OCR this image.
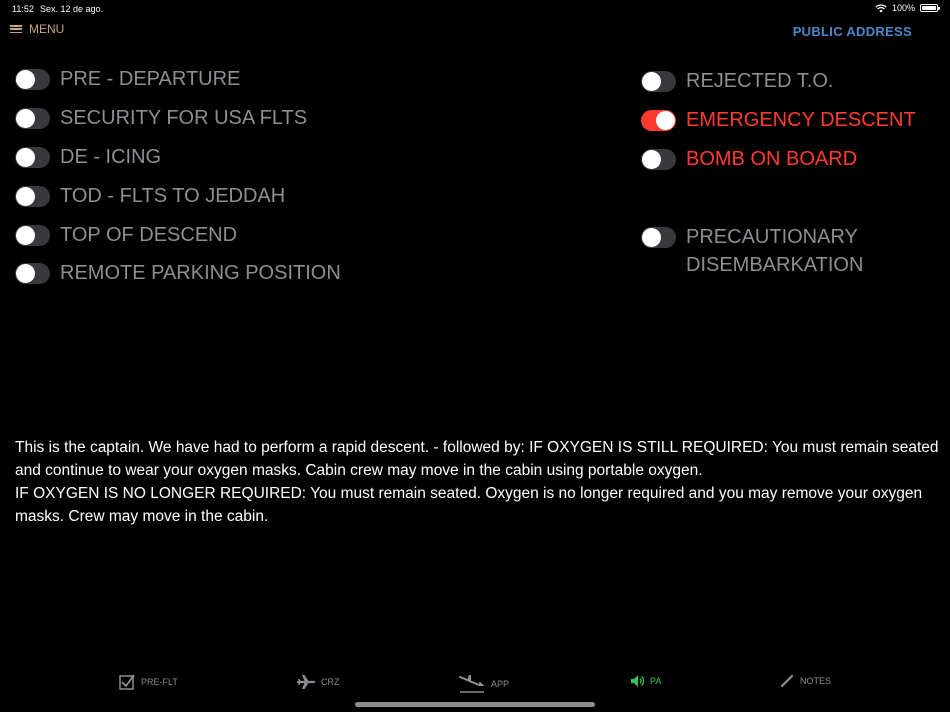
11:52 Sex. 12 de ago.	100%
MENU	PUBLIC ADDRESS
PRE - DEPARTURE
SECURITY FOR USA FLTS
DE - ICING
TOD - FLTS TO JEDDAH
TOP OF DESCEND
REMOTE PARKING POSITION
REJECTED T.O.
EMERGENCY DESCENT
BOMB ON BOARD
PRECAUTIONARY DISEMBARKATION
This is the captain. We have had to perform a rapid descent. - followed by: IF OXYGEN IS STILL REQUIRED: You must remain seated and continue to wear your oxygen masks. Cabin crew may move in the cabin using portable oxygen.
IF OXYGEN IS NO LONGER REQUIRED: You must remain seated. Oxygen is no longer required and you may remove your oxygen masks. Crew may move in the cabin.
PRE-FLT	CRZ	APP	PA	NOTES
